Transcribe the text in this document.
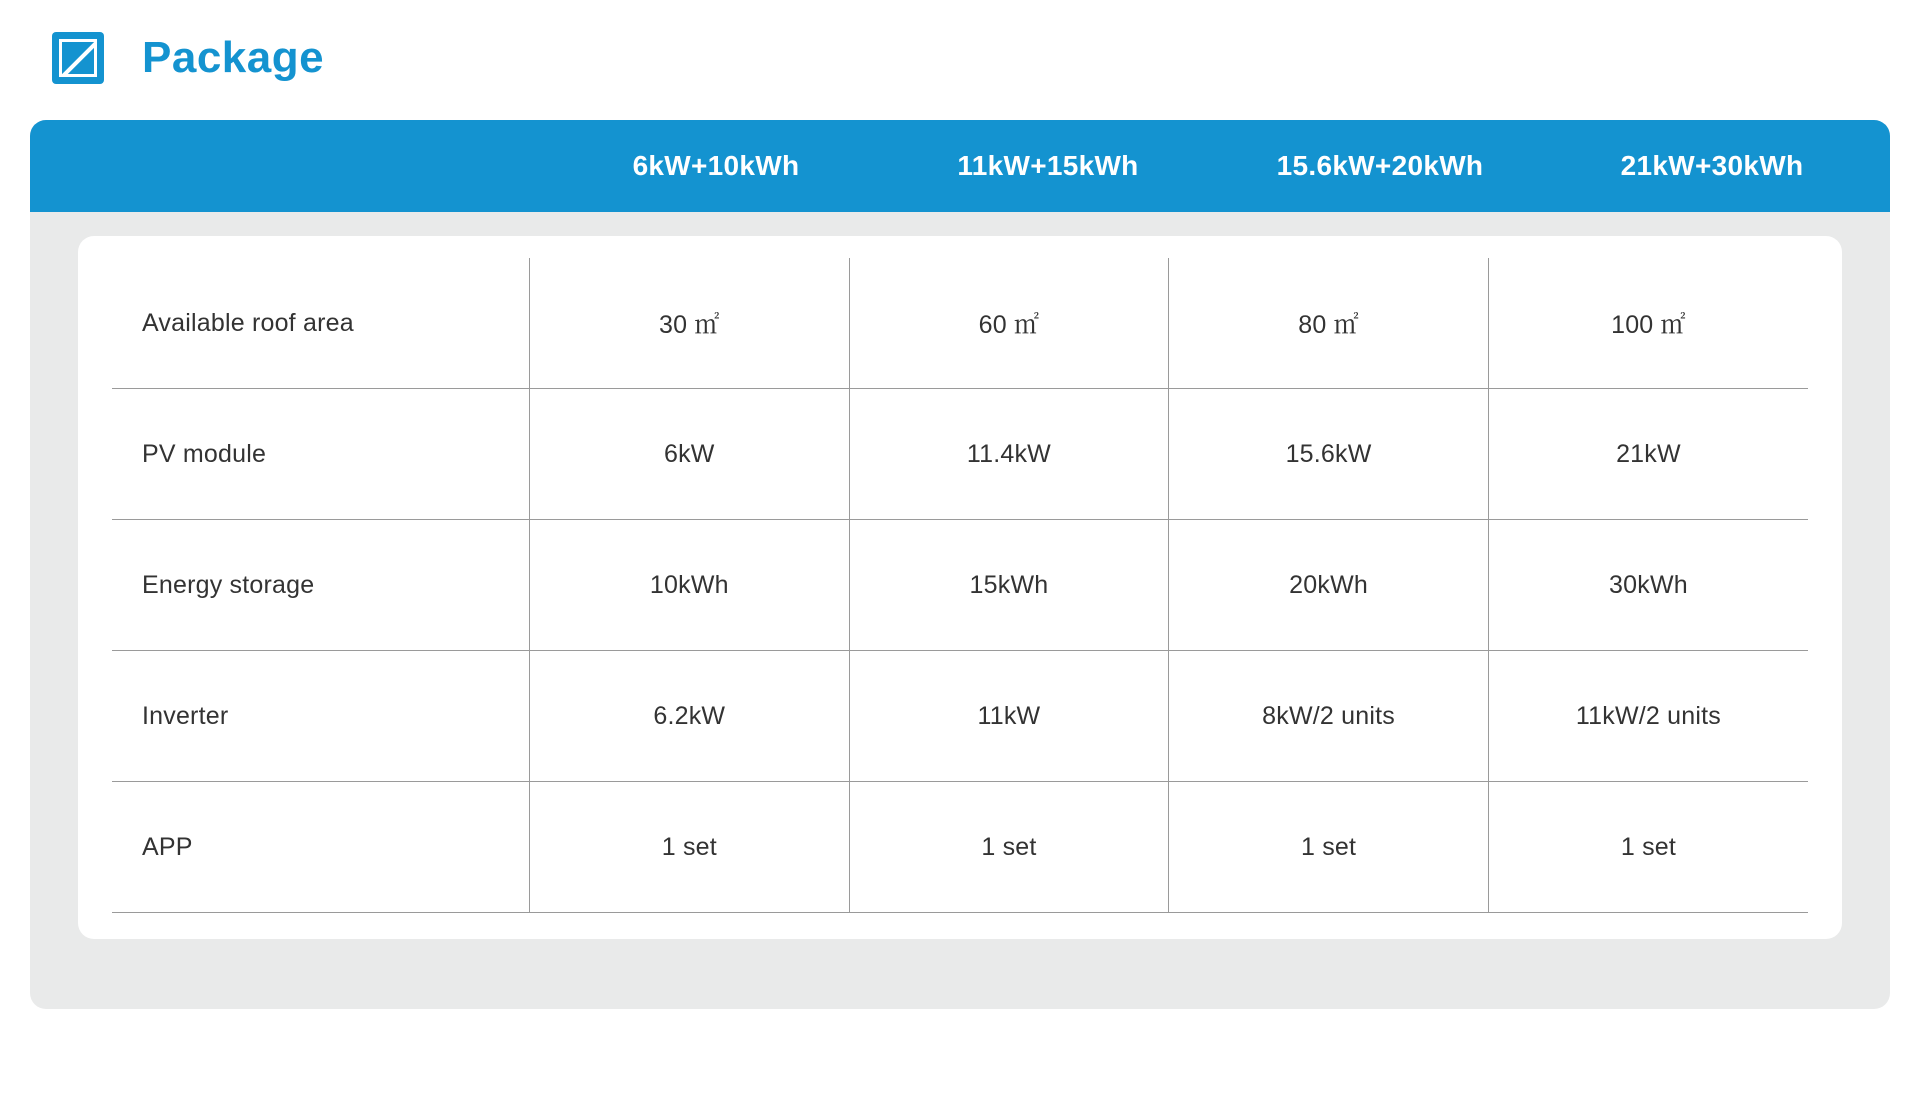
Package
6kW+10kWh	11kW+15kWh	15.6kW+20kWh	21kW+30kWh
Available roof area	30 ㎡	60 ㎡	80 ㎡	100 ㎡
PV module	6kW	11.4kW	15.6kW	21kW
Energy storage	10kWh	15kWh	20kWh	30kWh
Inverter	6.2kW	11kW	8kW/2 units	11kW/2 units
APP	1 set	1 set	1 set	1 set
